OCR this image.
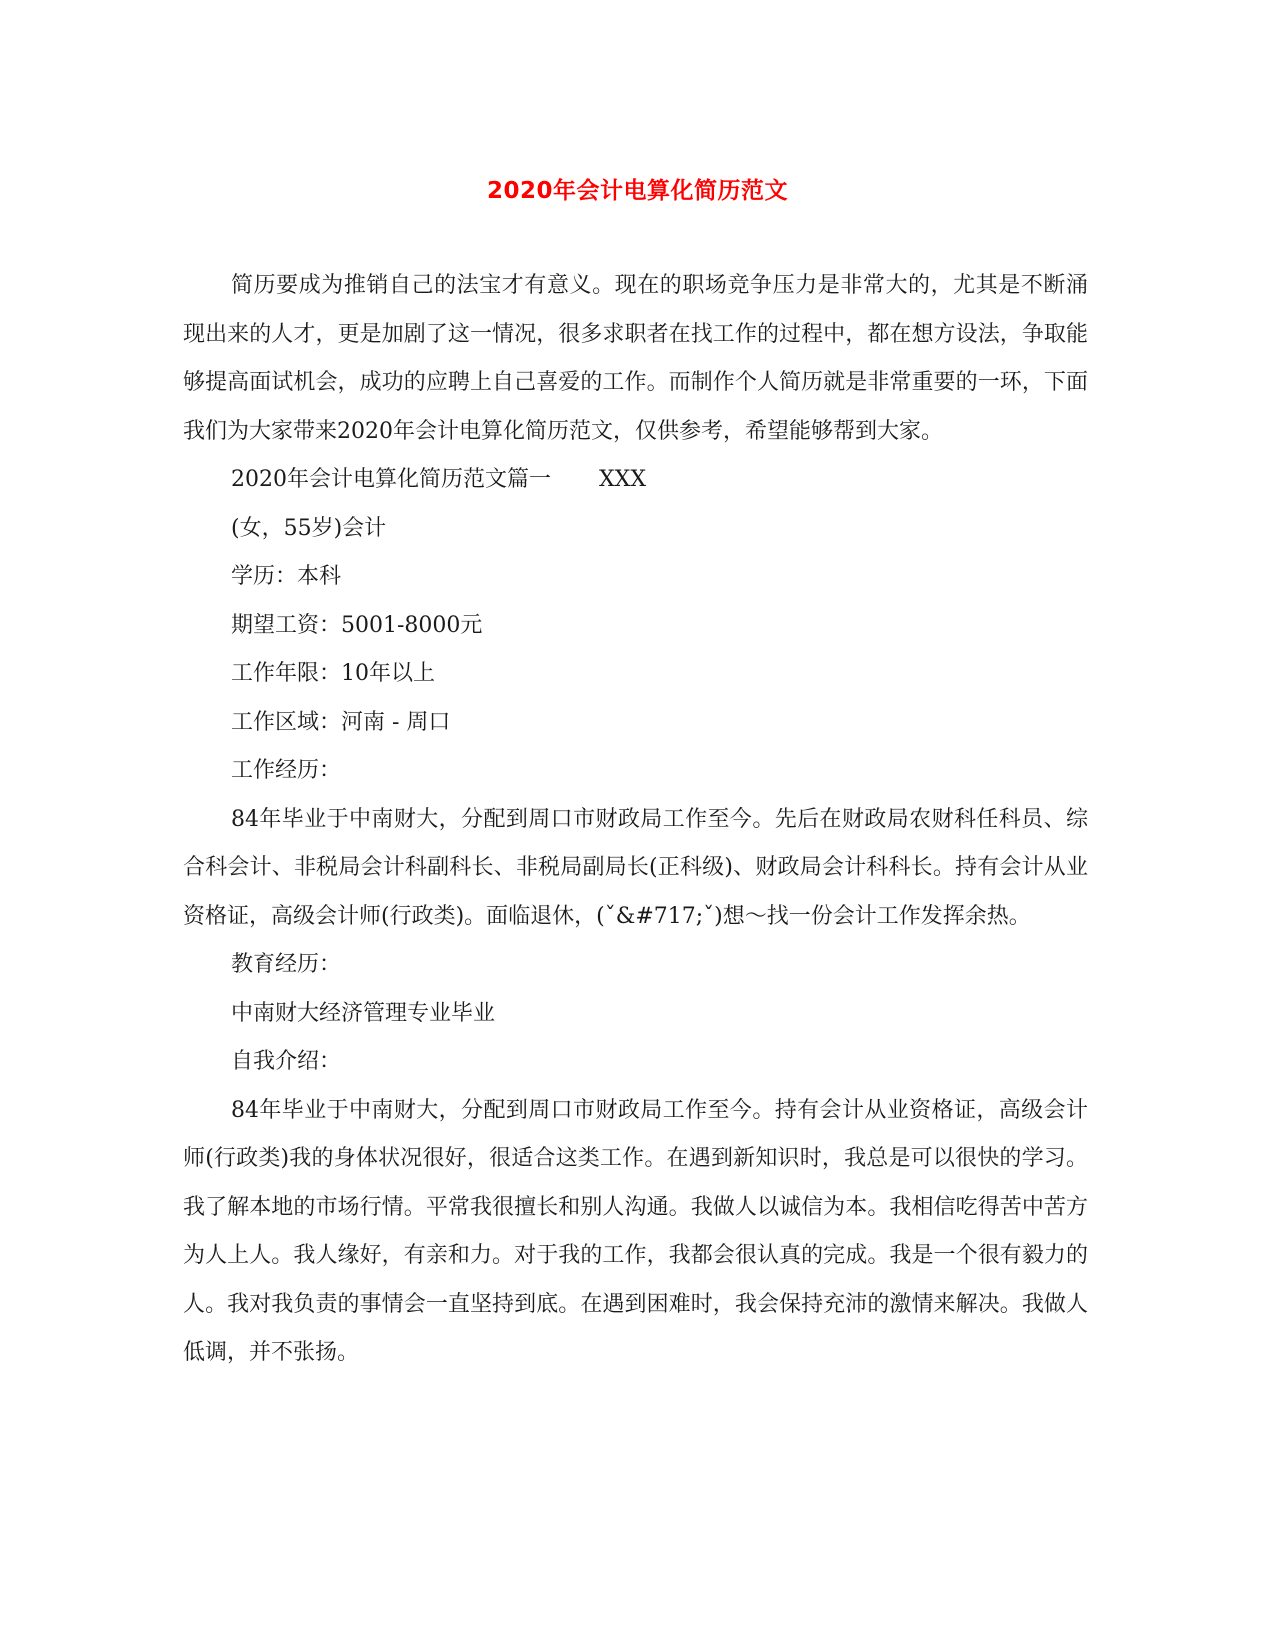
2020年会计电算化简历范文

简历要成为推销自己的法宝才有意义。现在的职场竞争压力是非常大的，尤其是不断涌现出来的人才，更是加剧了这一情况，很多求职者在找工作的过程中，都在想方设法，争取能够提高面试机会，成功的应聘上自己喜爱的工作。而制作个人简历就是非常重要的一环，下面我们为大家带来2020年会计电算化简历范文，仅供参考，希望能够帮到大家。

2020年会计电算化简历范文篇一 XXX

(女，55岁)会计

学历：本科

期望工资：5001-8000元

工作年限：10年以上

工作区域：河南 - 周口

工作经历：

84年毕业于中南财大，分配到周口市财政局工作至今。先后在财政局农财科任科员、综合科会计、非税局会计科副科长、非税局副局长(正科级)、财政局会计科科长。持有会计从业资格证，高级会计师(行政类)。面临退休，(ˇ&#717;ˇ)想～找一份会计工作发挥余热。

教育经历：

中南财大经济管理专业毕业

自我介绍：

84年毕业于中南财大，分配到周口市财政局工作至今。持有会计从业资格证，高级会计师(行政类)我的身体状况很好，很适合这类工作。在遇到新知识时，我总是可以很快的学习。我了解本地的市场行情。平常我很擅长和别人沟通。我做人以诚信为本。我相信吃得苦中苦方为人上人。我人缘好，有亲和力。对于我的工作，我都会很认真的完成。我是一个很有毅力的人。我对我负责的事情会一直坚持到底。在遇到困难时，我会保持充沛的激情来解决。我做人低调，并不张扬。
